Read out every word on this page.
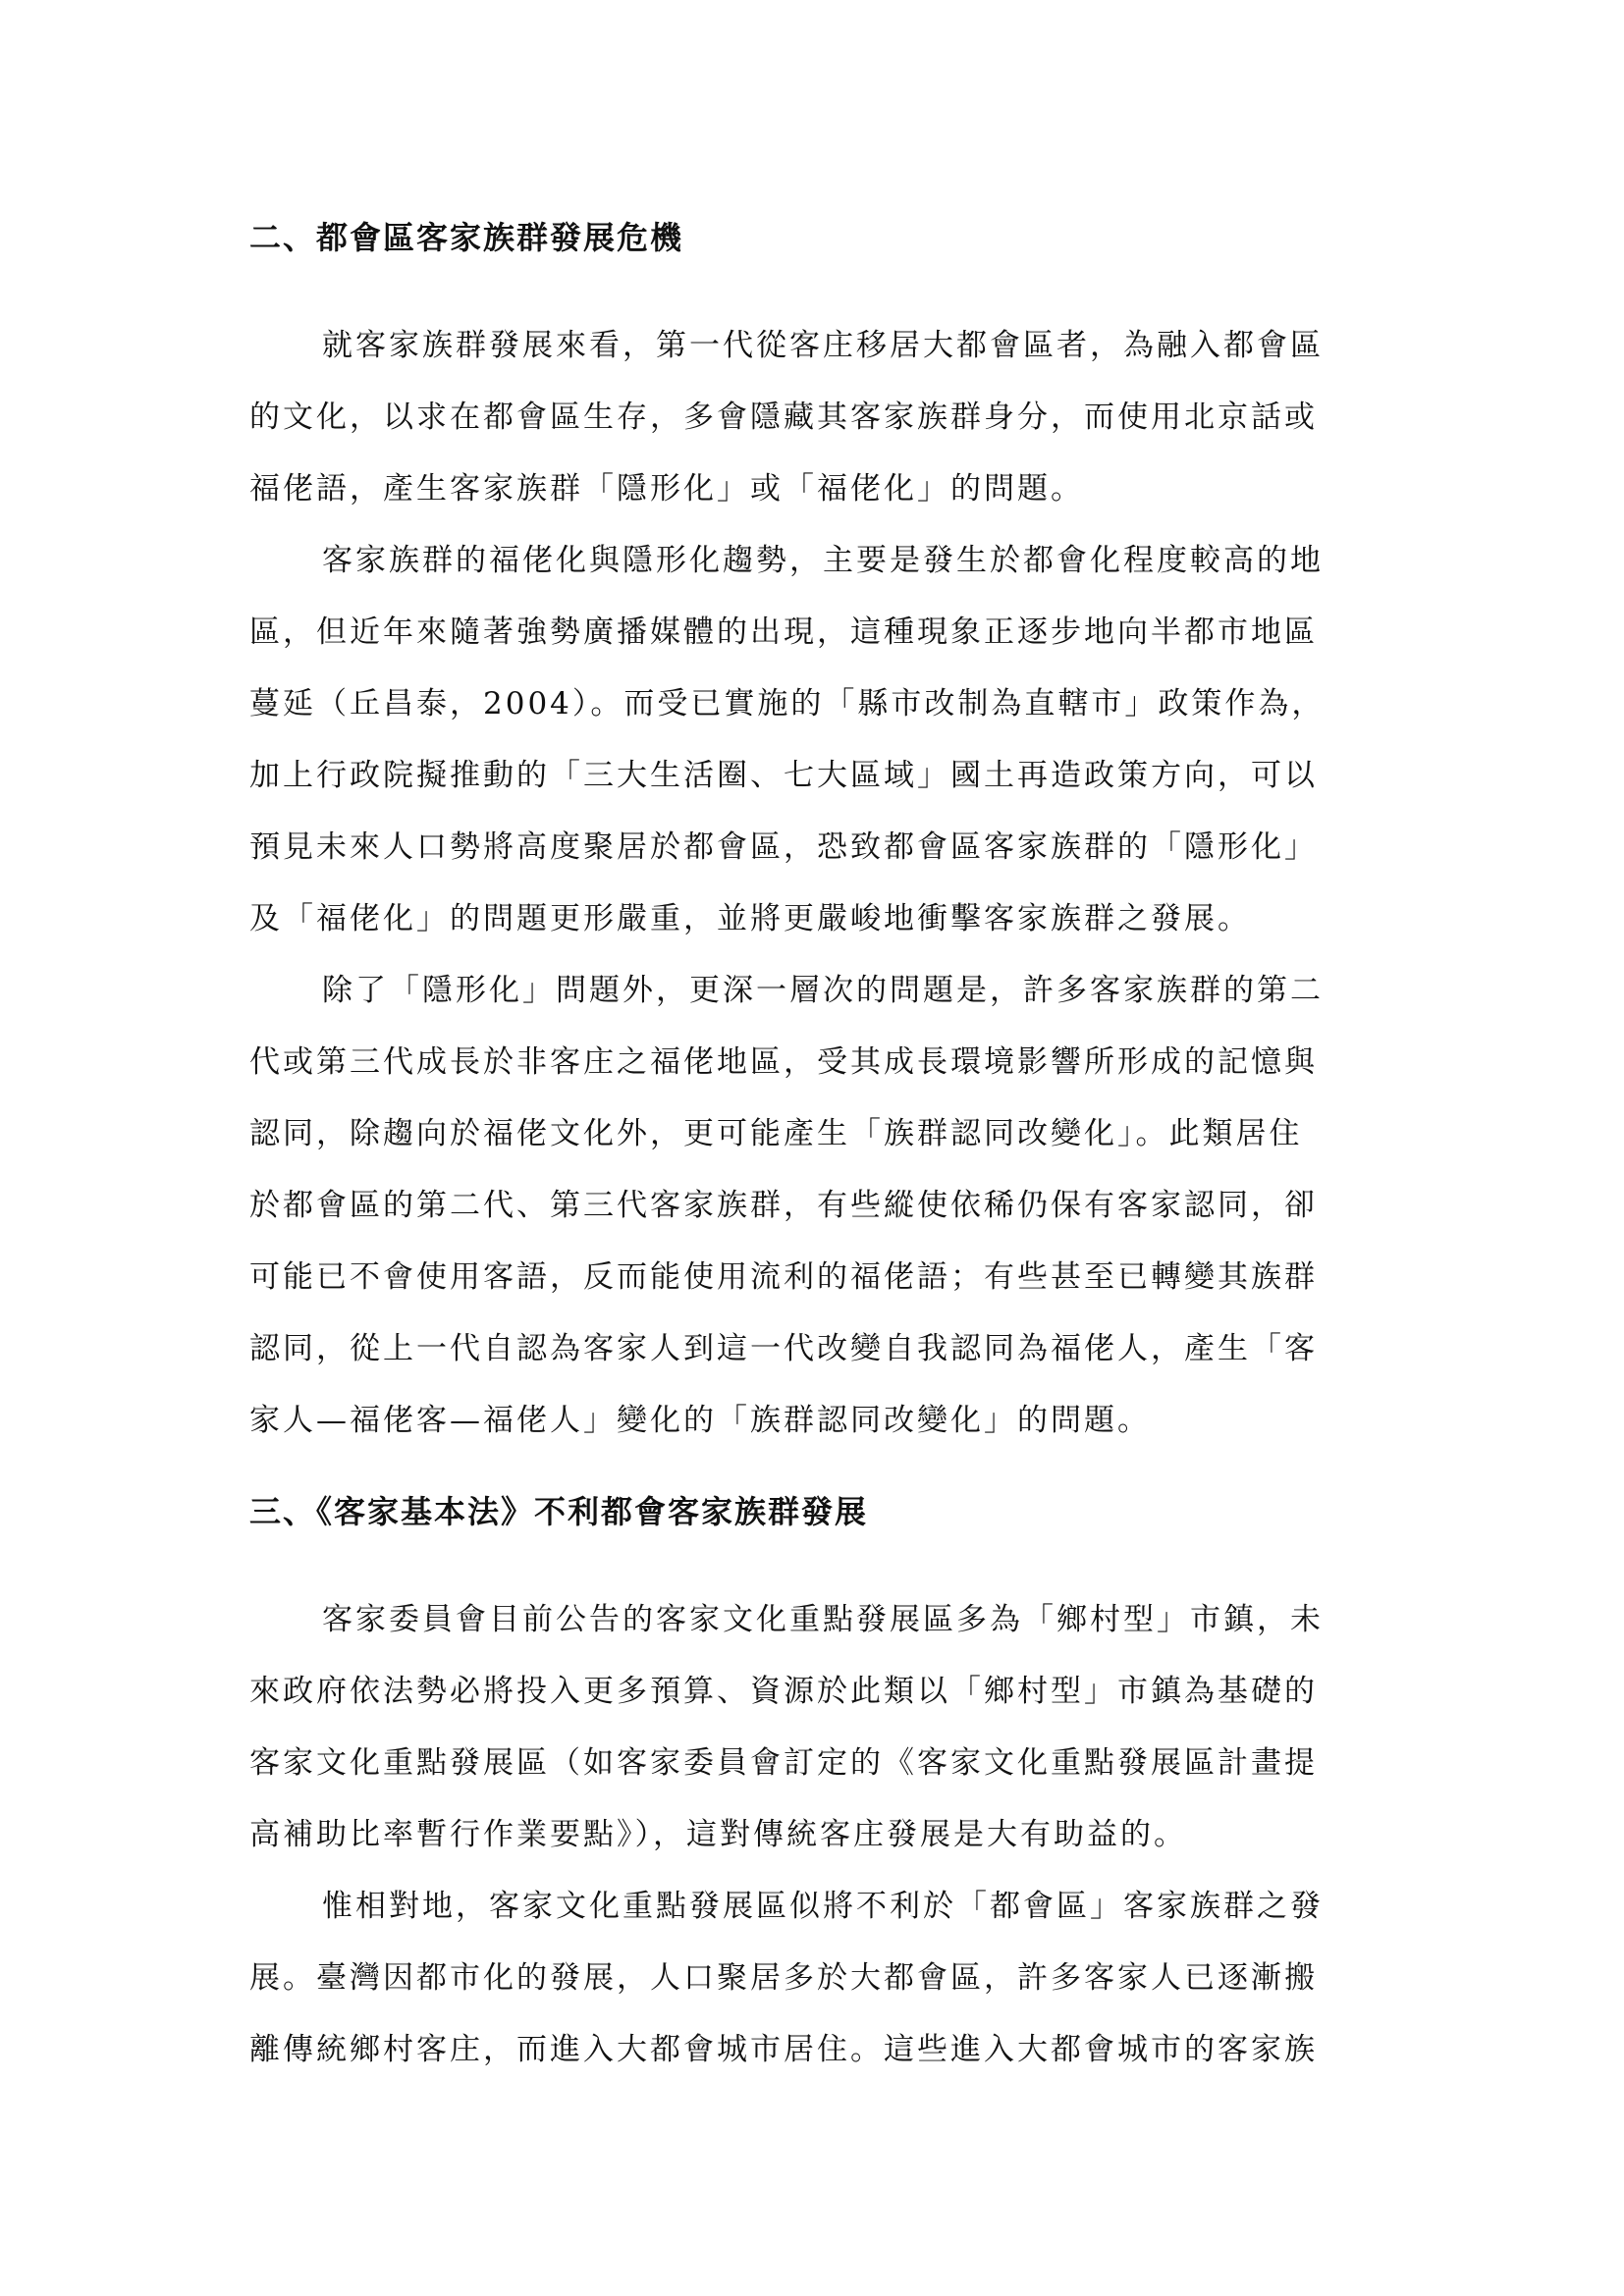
二、都會區客家族群發展危機
就客家族群發展來看，第一代從客庄移居大都會區者，為融入都會區
的文化，以求在都會區生存，多會隱藏其客家族群身分，而使用北京話或
福佬語，產生客家族群「隱形化」或「福佬化」的問題。
客家族群的福佬化與隱形化趨勢，主要是發生於都會化程度較高的地
區，但近年來隨著強勢廣播媒體的出現，這種現象正逐步地向半都市地區
蔓延（丘昌泰，2004）。而受已實施的「縣市改制為直轄市」政策作為，
加上行政院擬推動的「三大生活圈、七大區域」國土再造政策方向，可以
預見未來人口勢將高度聚居於都會區，恐致都會區客家族群的「隱形化」
及「福佬化」的問題更形嚴重，並將更嚴峻地衝擊客家族群之發展。
除了「隱形化」問題外，更深一層次的問題是，許多客家族群的第二
代或第三代成長於非客庄之福佬地區，受其成長環境影響所形成的記憶與
認同，除趨向於福佬文化外，更可能產生「族群認同改變化」。此類居住
於都會區的第二代、第三代客家族群，有些縱使依稀仍保有客家認同，卻
可能已不會使用客語，反而能使用流利的福佬語；有些甚至已轉變其族群
認同，從上一代自認為客家人到這一代改變自我認同為福佬人，產生「客
家人—福佬客—福佬人」變化的「族群認同改變化」的問題。
三、《客家基本法》不利都會客家族群發展
客家委員會目前公告的客家文化重點發展區多為「鄉村型」市鎮，未
來政府依法勢必將投入更多預算、資源於此類以「鄉村型」市鎮為基礎的
客家文化重點發展區（如客家委員會訂定的《客家文化重點發展區計畫提
高補助比率暫行作業要點》），這對傳統客庄發展是大有助益的。
惟相對地，客家文化重點發展區似將不利於「都會區」客家族群之發
展。臺灣因都市化的發展，人口聚居多於大都會區，許多客家人已逐漸搬
離傳統鄉村客庄，而進入大都會城市居住。這些進入大都會城市的客家族
